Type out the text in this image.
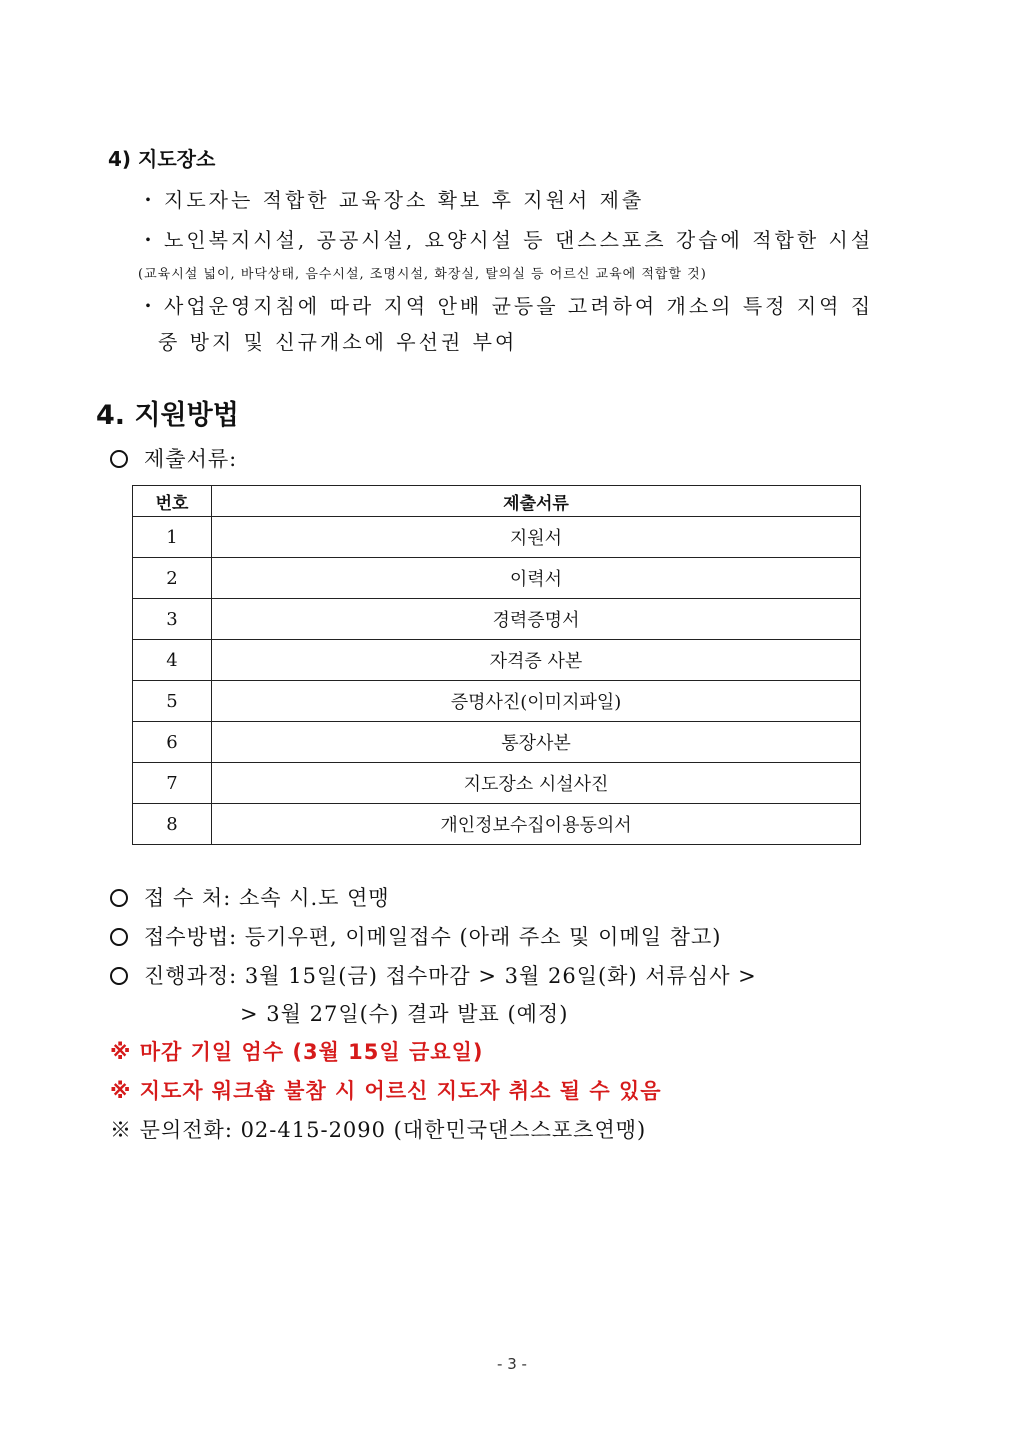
4) 지도장소
・ 지도자는 적합한 교육장소 확보 후 지원서 제출
・ 노인복지시설, 공공시설, 요양시설 등 댄스스포츠 강습에 적합한 시설
(교육시설 넓이, 바닥상태, 음수시설, 조명시설, 화장실, 탈의실 등 어르신 교육에 적합할 것)
・ 사업운영지침에 따라 지역 안배 균등을 고려하여 개소의 특정 지역 집
중 방지 및 신규개소에 우선권 부여
4. 지원방법
제출서류:
번호	제출서류
1	지원서
2	이력서
3	경력증명서
4	자격증 사본
5	증명사진(이미지파일)
6	통장사본
7	지도장소 시설사진
8	개인정보수집이용동의서
접 수 처: 소속 시.도 연맹
접수방법: 등기우편, 이메일접수 (아래 주소 및 이메일 참고)
진행과정: 3월 15일(금) 접수마감 > 3월 26일(화) 서류심사 >
> 3월 27일(수) 결과 발표 (예정)
※ 마감 기일 엄수 (3월 15일 금요일)
※ 지도자 워크숍 불참 시 어르신 지도자 취소 될 수 있음
※ 문의전화: 02-415-2090 (대한민국댄스스포츠연맹)
- 3 -
